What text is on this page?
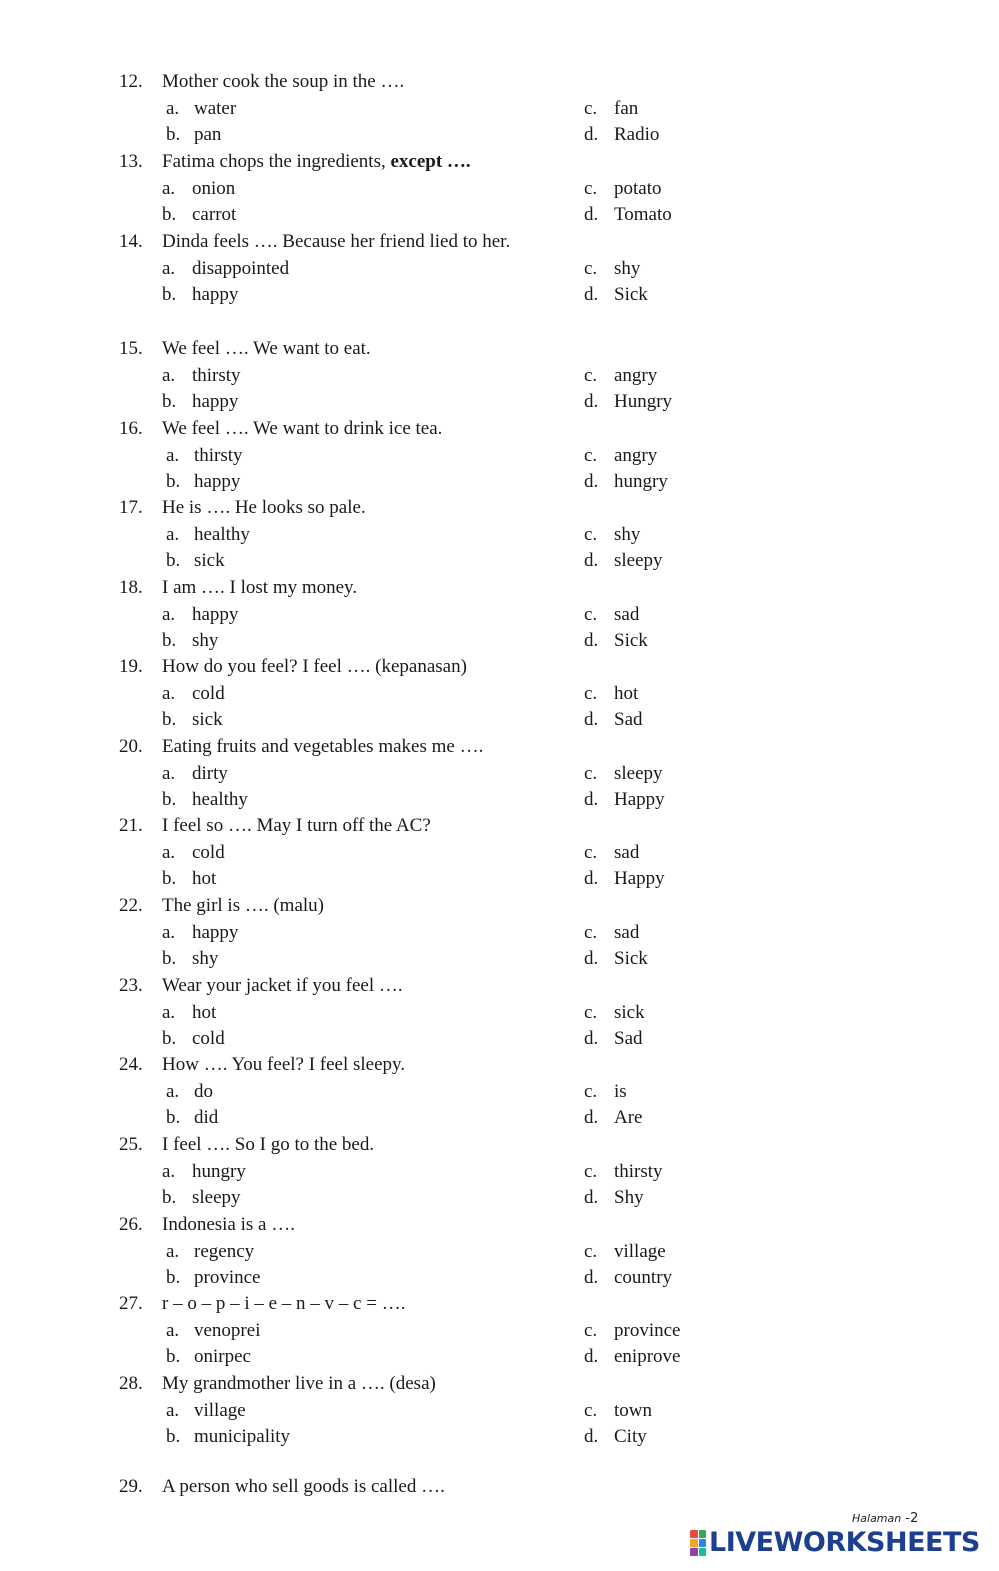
12. Mother cook the soup in the ….
a. water	c. fan
b. pan	d. Radio
13. Fatima chops the ingredients, except ….
a. onion	c. potato
b. carrot	d. Tomato
14. Dinda feels …. Because her friend lied to her.
a. disappointed	c. shy
b. happy	d. Sick
15. We feel …. We want to eat.
a. thirsty	c. angry
b. happy	d. Hungry
16. We feel …. We want to drink ice tea.
a. thirsty	c. angry
b. happy	d. hungry
17. He is …. He looks so pale.
a. healthy	c. shy
b. sick	d. sleepy
18. I am …. I lost my money.
a. happy	c. sad
b. shy	d. Sick
19. How do you feel? I feel …. (kepanasan)
a. cold	c. hot
b. sick	d. Sad
20. Eating fruits and vegetables makes me ….
a. dirty	c. sleepy
b. healthy	d. Happy
21. I feel so …. May I turn off the AC?
a. cold	c. sad
b. hot	d. Happy
22. The girl is …. (malu)
a. happy	c. sad
b. shy	d. Sick
23. Wear your jacket if you feel ….
a. hot	c. sick
b. cold	d. Sad
24. How …. You feel? I feel sleepy.
a. do	c. is
b. did	d. Are
25. I feel …. So I go to the bed.
a. hungry	c. thirsty
b. sleepy	d. Shy
26. Indonesia is a ….
a. regency	c. village
b. province	d. country
27. r – o – p – i – e – n – v – c = ….
a. venoprei	c. province
b. onirpec	d. eniprove
28. My grandmother live in a …. (desa)
a. village	c. town
b. municipality	d. City
29. A person who sell goods is called ….
Halaman -2
LIVEWORKSHEETS
